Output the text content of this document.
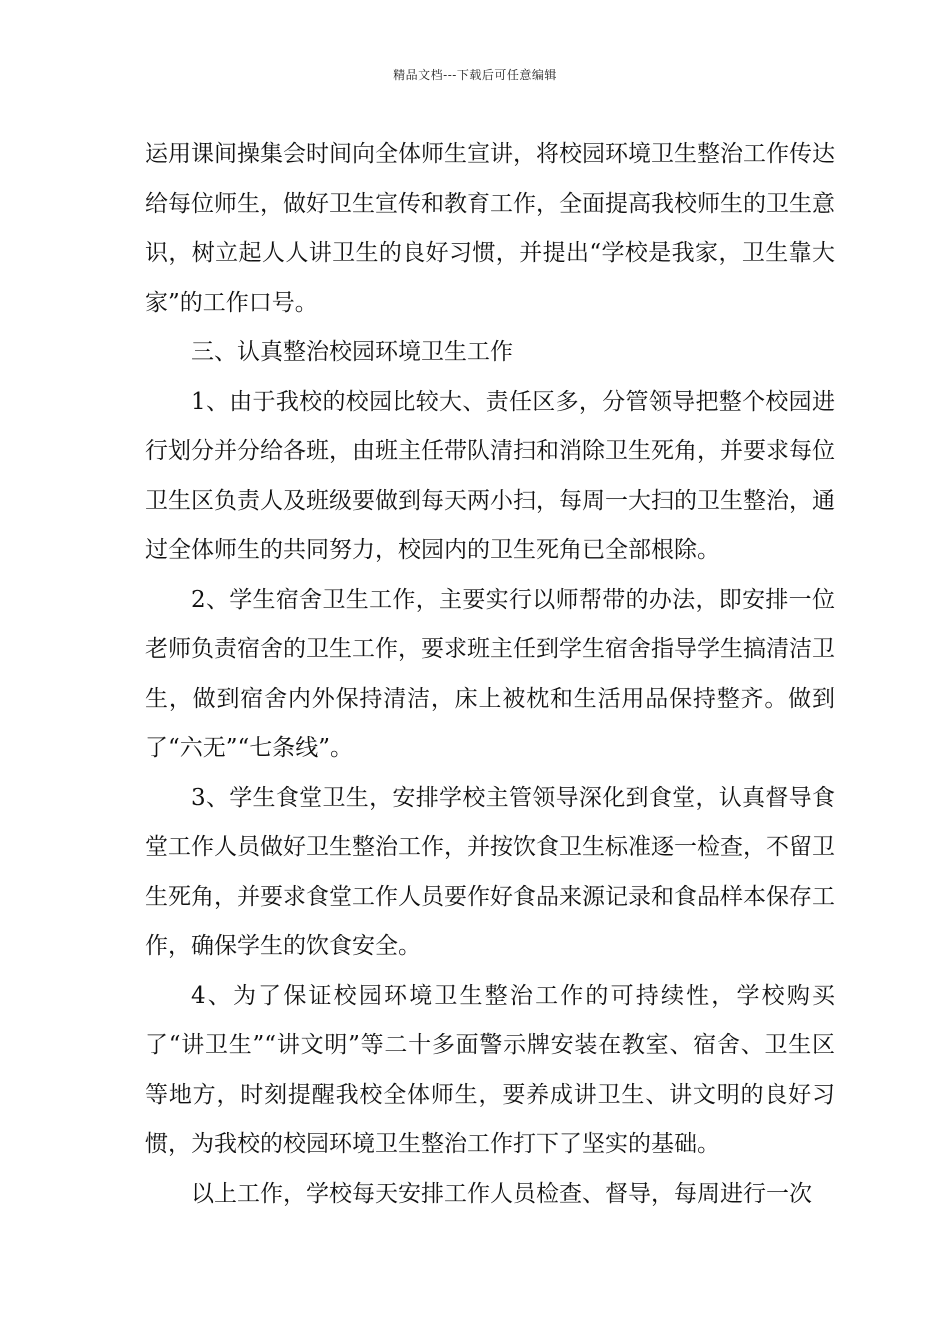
精品文档---下载后可任意编辑

运用课间操集会时间向全体师生宣讲，将校园环境卫生整治工作传达给每位师生，做好卫生宣传和教育工作，全面提高我校师生的卫生意识，树立起人人讲卫生的良好习惯，并提出“学校是我家，卫生靠大家”的工作口号。

三、认真整治校园环境卫生工作

1、由于我校的校园比较大、责任区多，分管领导把整个校园进行划分并分给各班，由班主任带队清扫和消除卫生死角，并要求每位卫生区负责人及班级要做到每天两小扫，每周一大扫的卫生整治，通过全体师生的共同努力，校园内的卫生死角已全部根除。

2、学生宿舍卫生工作，主要实行以师帮带的办法，即安排一位老师负责宿舍的卫生工作，要求班主任到学生宿舍指导学生搞清洁卫生，做到宿舍内外保持清洁，床上被枕和生活用品保持整齐。做到了“六无”“七条线”。

3、学生食堂卫生，安排学校主管领导深化到食堂，认真督导食堂工作人员做好卫生整治工作，并按饮食卫生标准逐一检查，不留卫生死角，并要求食堂工作人员要作好食品来源记录和食品样本保存工作，确保学生的饮食安全。

4、为了保证校园环境卫生整治工作的可持续性，学校购买了“讲卫生”“讲文明”等二十多面警示牌安装在教室、宿舍、卫生区等地方，时刻提醒我校全体师生，要养成讲卫生、讲文明的良好习惯，为我校的校园环境卫生整治工作打下了坚实的基础。

以上工作，学校每天安排工作人员检查、督导，每周进行一次
